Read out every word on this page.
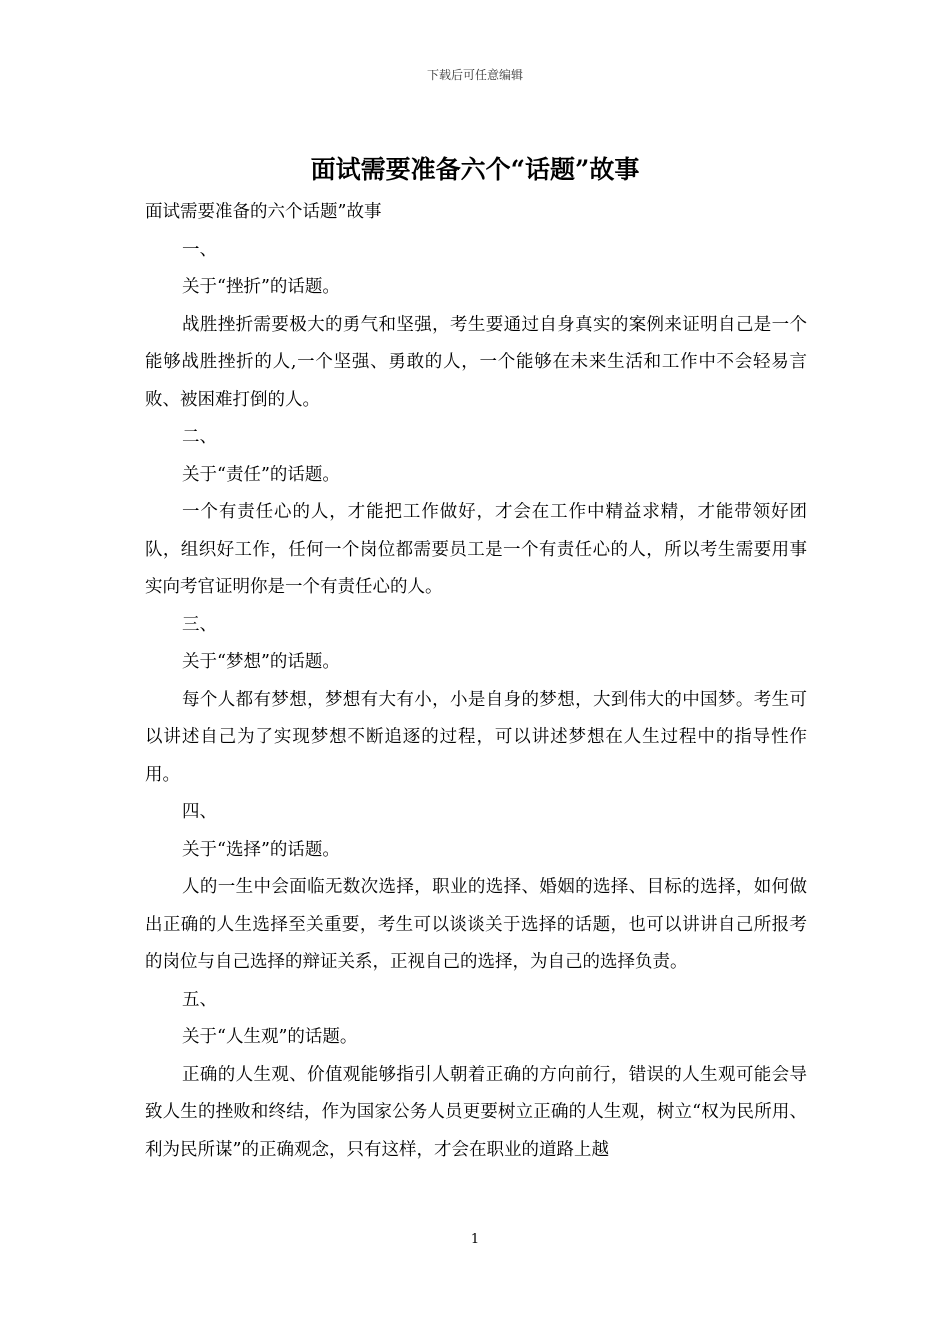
下载后可任意编辑
面试需要准备六个“话题”故事

面试需要准备的六个话题”故事

一、

关于“挫折”的话题。

战胜挫折需要极大的勇气和坚强，考生要通过自身真实的案例来证明自己是一个能够战胜挫折的人,一个坚强、勇敢的人，一个能够在未来生活和工作中不会轻易言败、被困难打倒的人。

二、

关于“责任”的话题。

一个有责任心的人，才能把工作做好，才会在工作中精益求精，才能带领好团队，组织好工作，任何一个岗位都需要员工是一个有责任心的人，所以考生需要用事实向考官证明你是一个有责任心的人。

三、

关于“梦想”的话题。

每个人都有梦想，梦想有大有小，小是自身的梦想，大到伟大的中国梦。考生可以讲述自己为了实现梦想不断追逐的过程，可以讲述梦想在人生过程中的指导性作用。

四、

关于“选择”的话题。

人的一生中会面临无数次选择，职业的选择、婚姻的选择、目标的选择，如何做出正确的人生选择至关重要，考生可以谈谈关于选择的话题，也可以讲讲自己所报考的岗位与自己选择的辩证关系，正视自己的选择，为自己的选择负责。

五、

关于“人生观”的话题。

正确的人生观、价值观能够指引人朝着正确的方向前行，错误的人生观可能会导致人生的挫败和终结，作为国家公务人员更要树立正确的人生观，树立“权为民所用、利为民所谋”的正确观念，只有这样，才会在职业的道路上越

1
